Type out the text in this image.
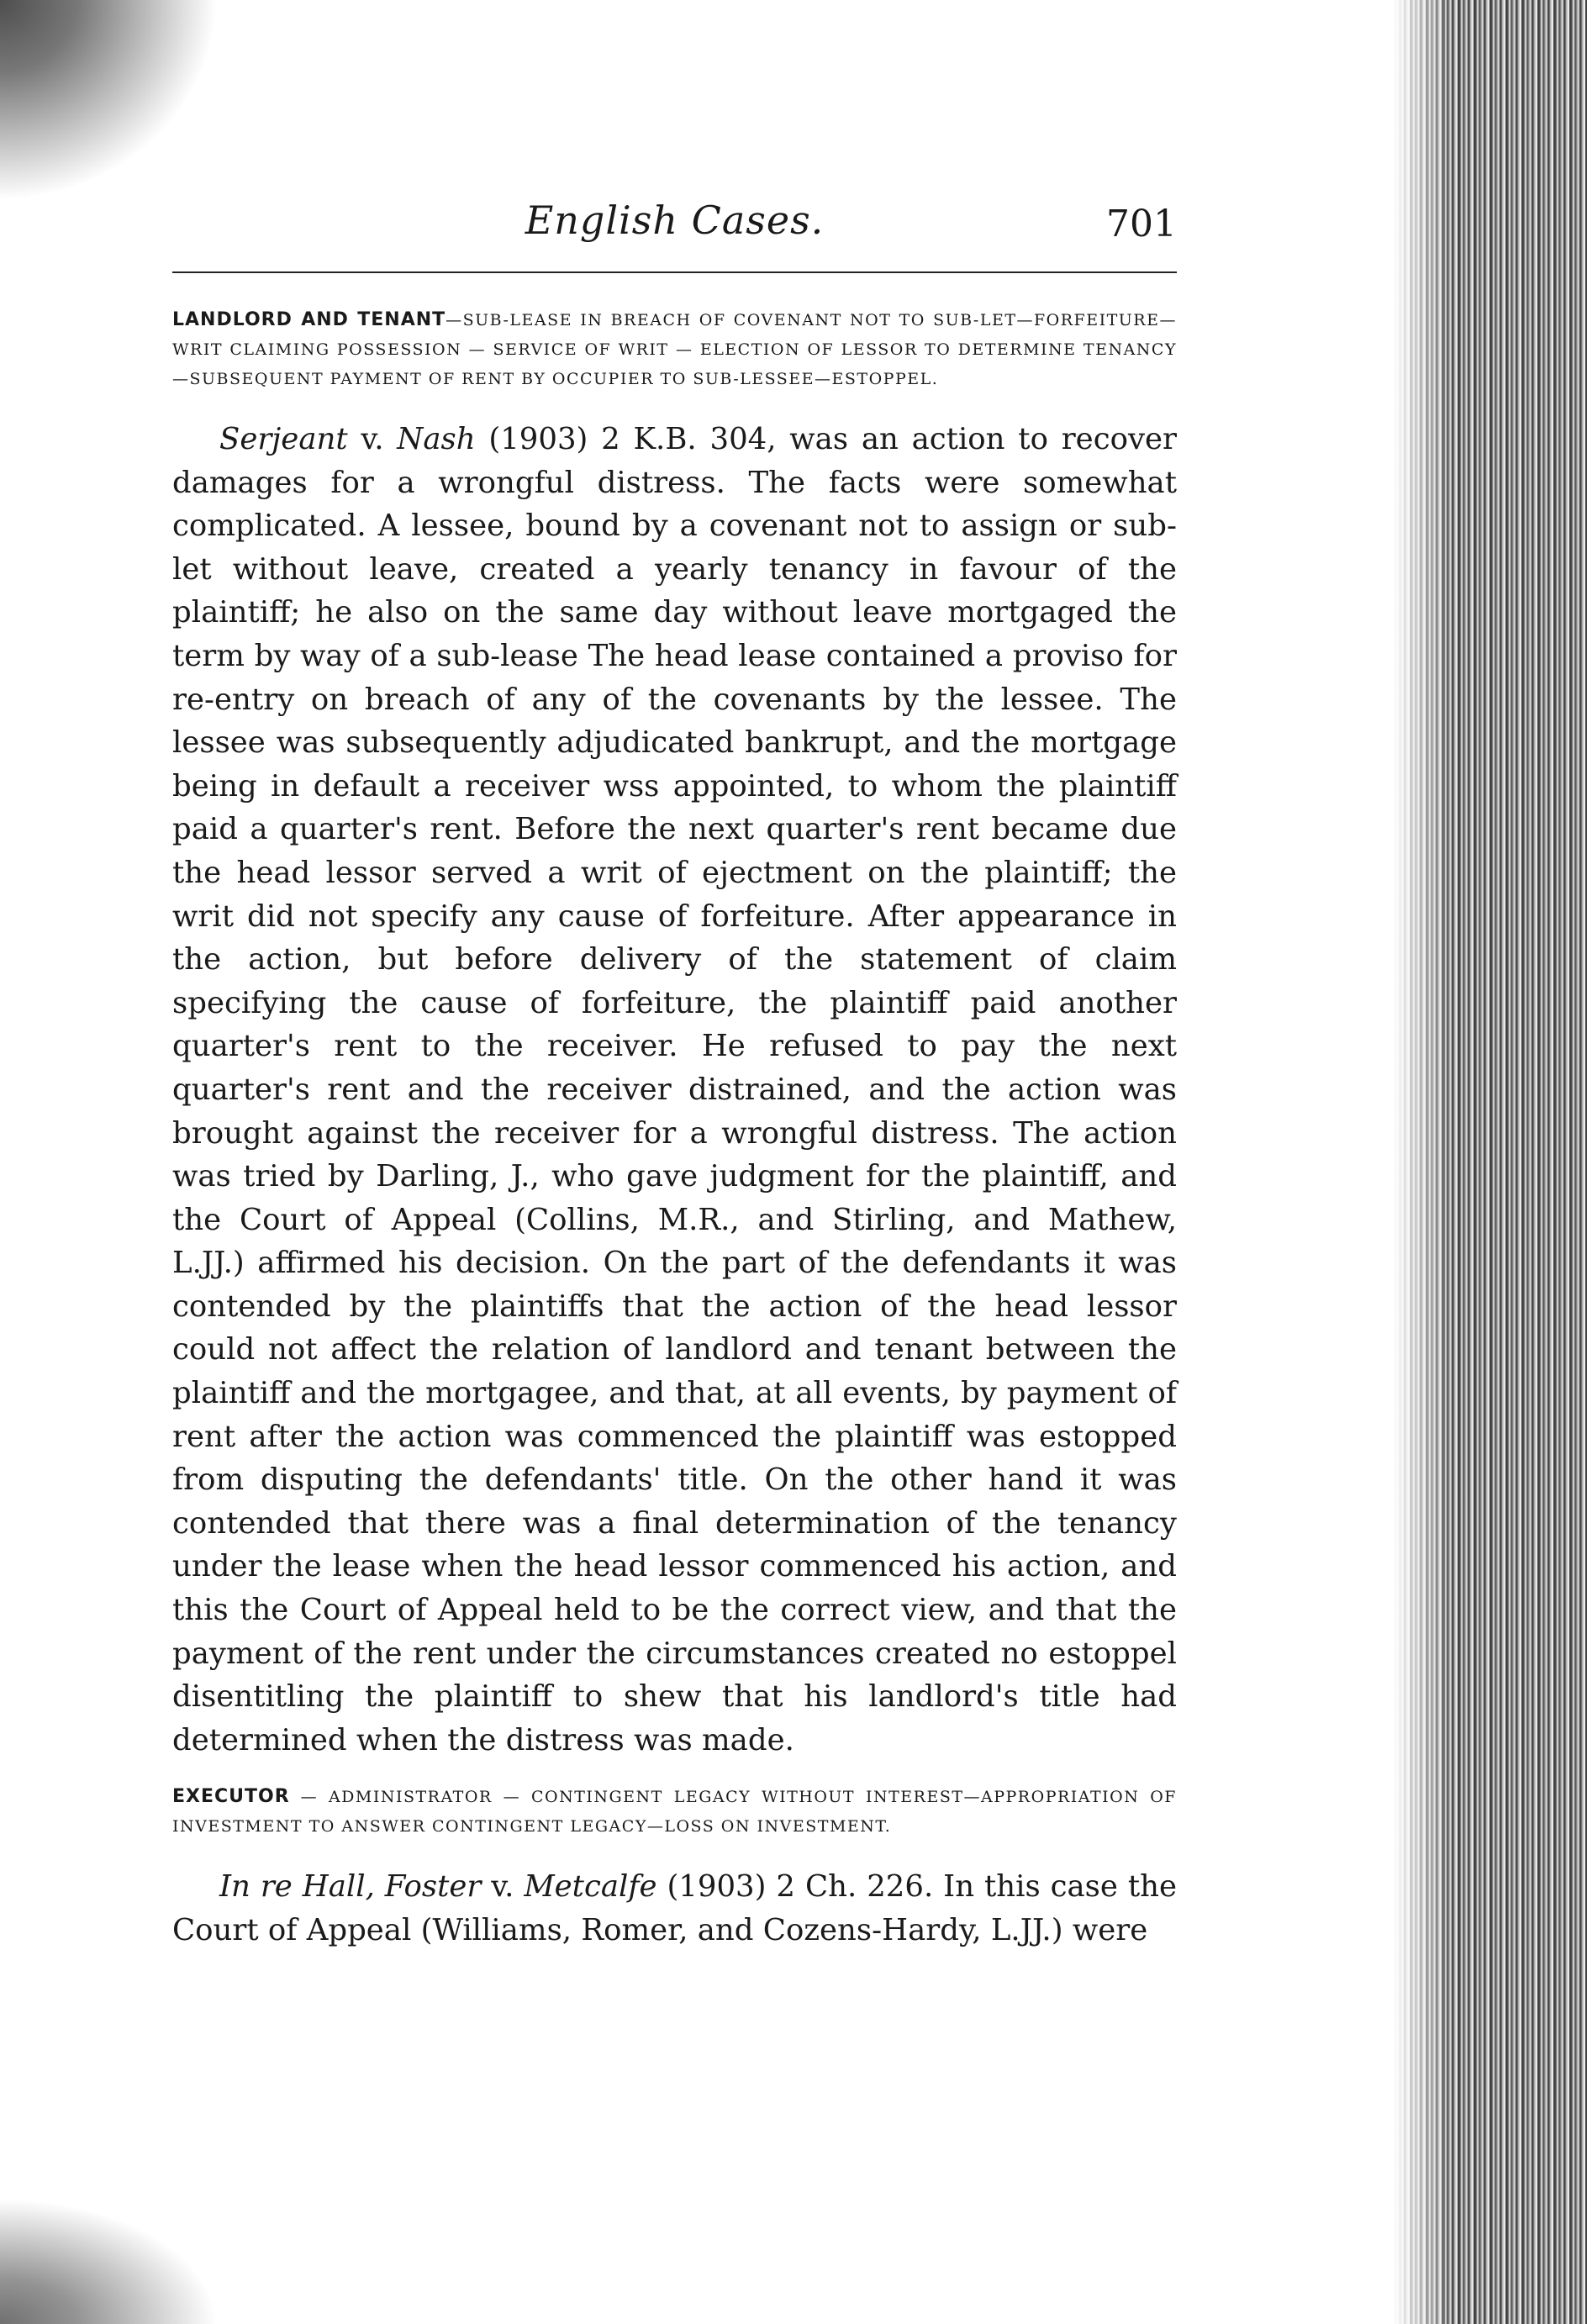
English Cases.	701

LANDLORD AND TENANT—SUB-LEASE IN BREACH OF COVENANT NOT TO SUB-LET—FORFEITURE—WRIT CLAIMING POSSESSION — SERVICE OF WRIT — ELECTION OF LESSOR TO DETERMINE TENANCY—SUBSEQUENT PAYMENT OF RENT BY OCCUPIER TO SUB-LESSEE—ESTOPPEL.

Serjeant v. Nash (1903) 2 K.B. 304, was an action to recover damages for a wrongful distress. The facts were somewhat complicated. A lessee, bound by a covenant not to assign or sub-let without leave, created a yearly tenancy in favour of the plaintiff; he also on the same day without leave mortgaged the term by way of a sub-lease The head lease contained a proviso for re-entry on breach of any of the covenants by the lessee. The lessee was subsequently adjudicated bankrupt, and the mortgage being in default a receiver wss appointed, to whom the plaintiff paid a quarter's rent. Before the next quarter's rent became due the head lessor served a writ of ejectment on the plaintiff; the writ did not specify any cause of forfeiture. After appearance in the action, but before delivery of the statement of claim specifying the cause of forfeiture, the plaintiff paid another quarter's rent to the receiver. He refused to pay the next quarter's rent and the receiver distrained, and the action was brought against the receiver for a wrongful distress. The action was tried by Darling, J., who gave judgment for the plaintiff, and the Court of Appeal (Collins, M.R., and Stirling, and Mathew, L.JJ.) affirmed his decision. On the part of the defendants it was contended by the plaintiffs that the action of the head lessor could not affect the relation of landlord and tenant between the plaintiff and the mortgagee, and that, at all events, by payment of rent after the action was commenced the plaintiff was estopped from disputing the defendants' title. On the other hand it was contended that there was a final determination of the tenancy under the lease when the head lessor commenced his action, and this the Court of Appeal held to be the correct view, and that the payment of the rent under the circumstances created no estoppel disentitling the plaintiff to shew that his landlord's title had determined when the distress was made.

EXECUTOR — ADMINISTRATOR — CONTINGENT LEGACY WITHOUT INTEREST—APPROPRIATION OF INVESTMENT TO ANSWER CONTINGENT LEGACY—LOSS ON INVESTMENT.

In re Hall, Foster v. Metcalfe (1903) 2 Ch. 226. In this case the Court of Appeal (Williams, Romer, and Cozens-Hardy, L.JJ.) were
